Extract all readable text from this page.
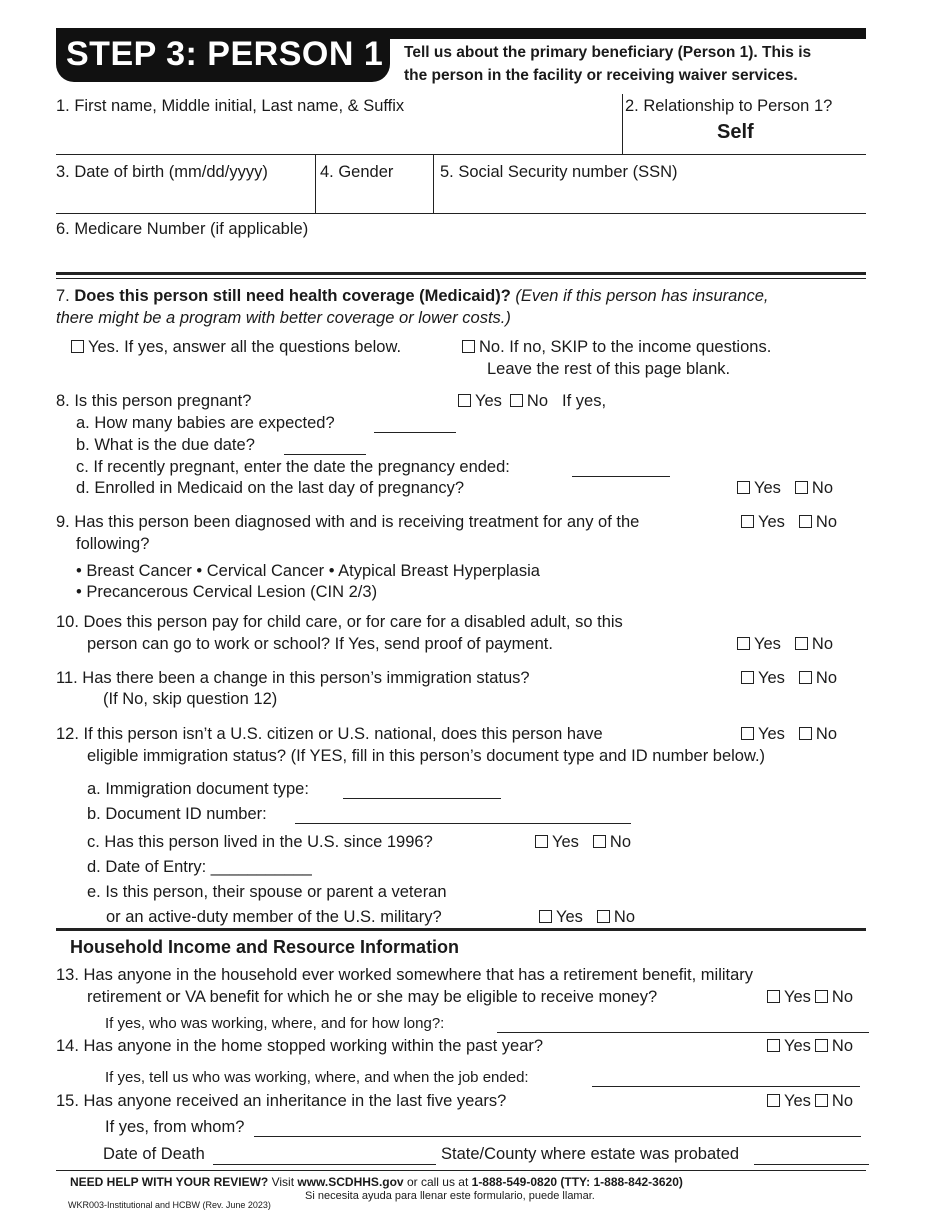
STEP 3: PERSON 1 Tell us about the primary beneficiary (Person 1). This is
the person in the facility or receiving waiver services.
1. First name, Middle initial, Last name, & Suffix	2. Relationship to Person 1?
Self
3. Date of birth (mm/dd/yyyy)	4. Gender	5. Social Security number (SSN)
6. Medicare Number (if applicable)
7. Does this person still need health coverage (Medicaid)? (Even if this person has insurance,
there might be a program with better coverage or lower costs.)
Yes. If yes, answer all the questions below.	No. If no, SKIP to the income questions.
Leave the rest of this page blank.
8. Is this person pregnant?	Yes No If yes,
a. How many babies are expected?
b. What is the due date?
c. If recently pregnant, enter the date the pregnancy ended:
d. Enrolled in Medicaid on the last day of pregnancy?	Yes No
9. Has this person been diagnosed with and is receiving treatment for any of the	Yes No
following?
• Breast Cancer • Cervical Cancer • Atypical Breast Hyperplasia
• Precancerous Cervical Lesion (CIN 2/3)
10. Does this person pay for child care, or for care for a disabled adult, so this
person can go to work or school? If Yes, send proof of payment.	Yes No
11. Has there been a change in this person’s immigration status?	Yes No
(If No, skip question 12)
12. If this person isn’t a U.S. citizen or U.S. national, does this person have	Yes No
eligible immigration status? (If YES, fill in this person’s document type and ID number below.)
a. Immigration document type:
b. Document ID number:
c. Has this person lived in the U.S. since 1996?	Yes No
d. Date of Entry: ___________
e. Is this person, their spouse or parent a veteran
or an active-duty member of the U.S. military?	Yes No
Household Income and Resource Information
13. Has anyone in the household ever worked somewhere that has a retirement benefit, military
retirement or VA benefit for which he or she may be eligible to receive money?	Yes No
If yes, who was working, where, and for how long?:
14. Has anyone in the home stopped working within the past year?	Yes No
If yes, tell us who was working, where, and when the job ended:
15. Has anyone received an inheritance in the last five years?	Yes No
If yes, from whom?
Date of Death	State/County where estate was probated
NEED HELP WITH YOUR REVIEW? Visit www.SCDHHS.gov or call us at 1-888-549-0820 (TTY: 1-888-842-3620)
Si necesita ayuda para llenar este formulario, puede llamar.
WKR003-Institutional and HCBW (Rev. June 2023)
